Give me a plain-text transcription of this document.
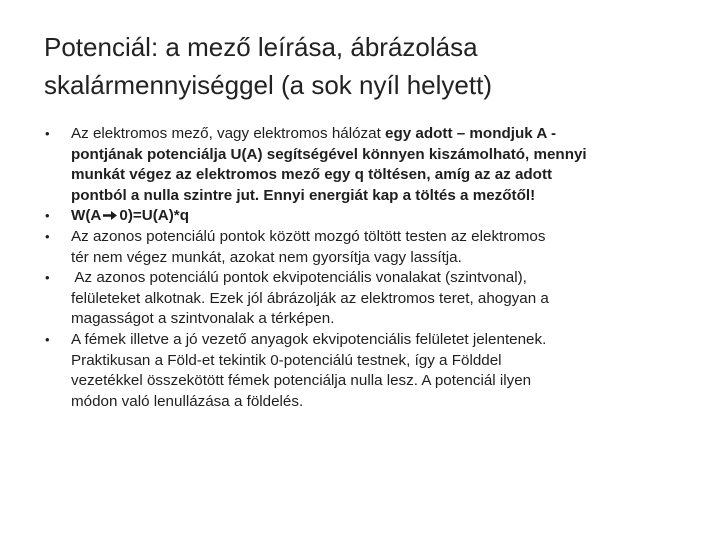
Potenciál: a mező leírása, ábrázolása
skalármennyiséggel (a sok nyíl helyett)
• Az elektromos mező, vagy elektromos hálózat egy adott – mondjuk A -
pontjának potenciálja U(A) segítségével könnyen kiszámolható, mennyi
munkát végez az elektromos mező egy q töltésen, amíg az az adott
pontból a nulla szintre jut. Ennyi energiát kap a töltés a mezőtől!
• W(A 0)=U(A)*q
• Az azonos potenciálú pontok között mozgó töltött testen az elektromos
tér nem végez munkát, azokat nem gyorsítja vagy lassítja.
• Az azonos potenciálú pontok ekvipotenciális vonalakat (szintvonal),
felületeket alkotnak. Ezek jól ábrázolják az elektromos teret, ahogyan a
magasságot a szintvonalak a térképen.
• A fémek illetve a jó vezető anyagok ekvipotenciális felületet jelentenek.
Praktikusan a Föld-et tekintik 0-potenciálú testnek, így a Földdel
vezetékkel összekötött fémek potenciálja nulla lesz. A potenciál ilyen
módon való lenullázása a földelés.
